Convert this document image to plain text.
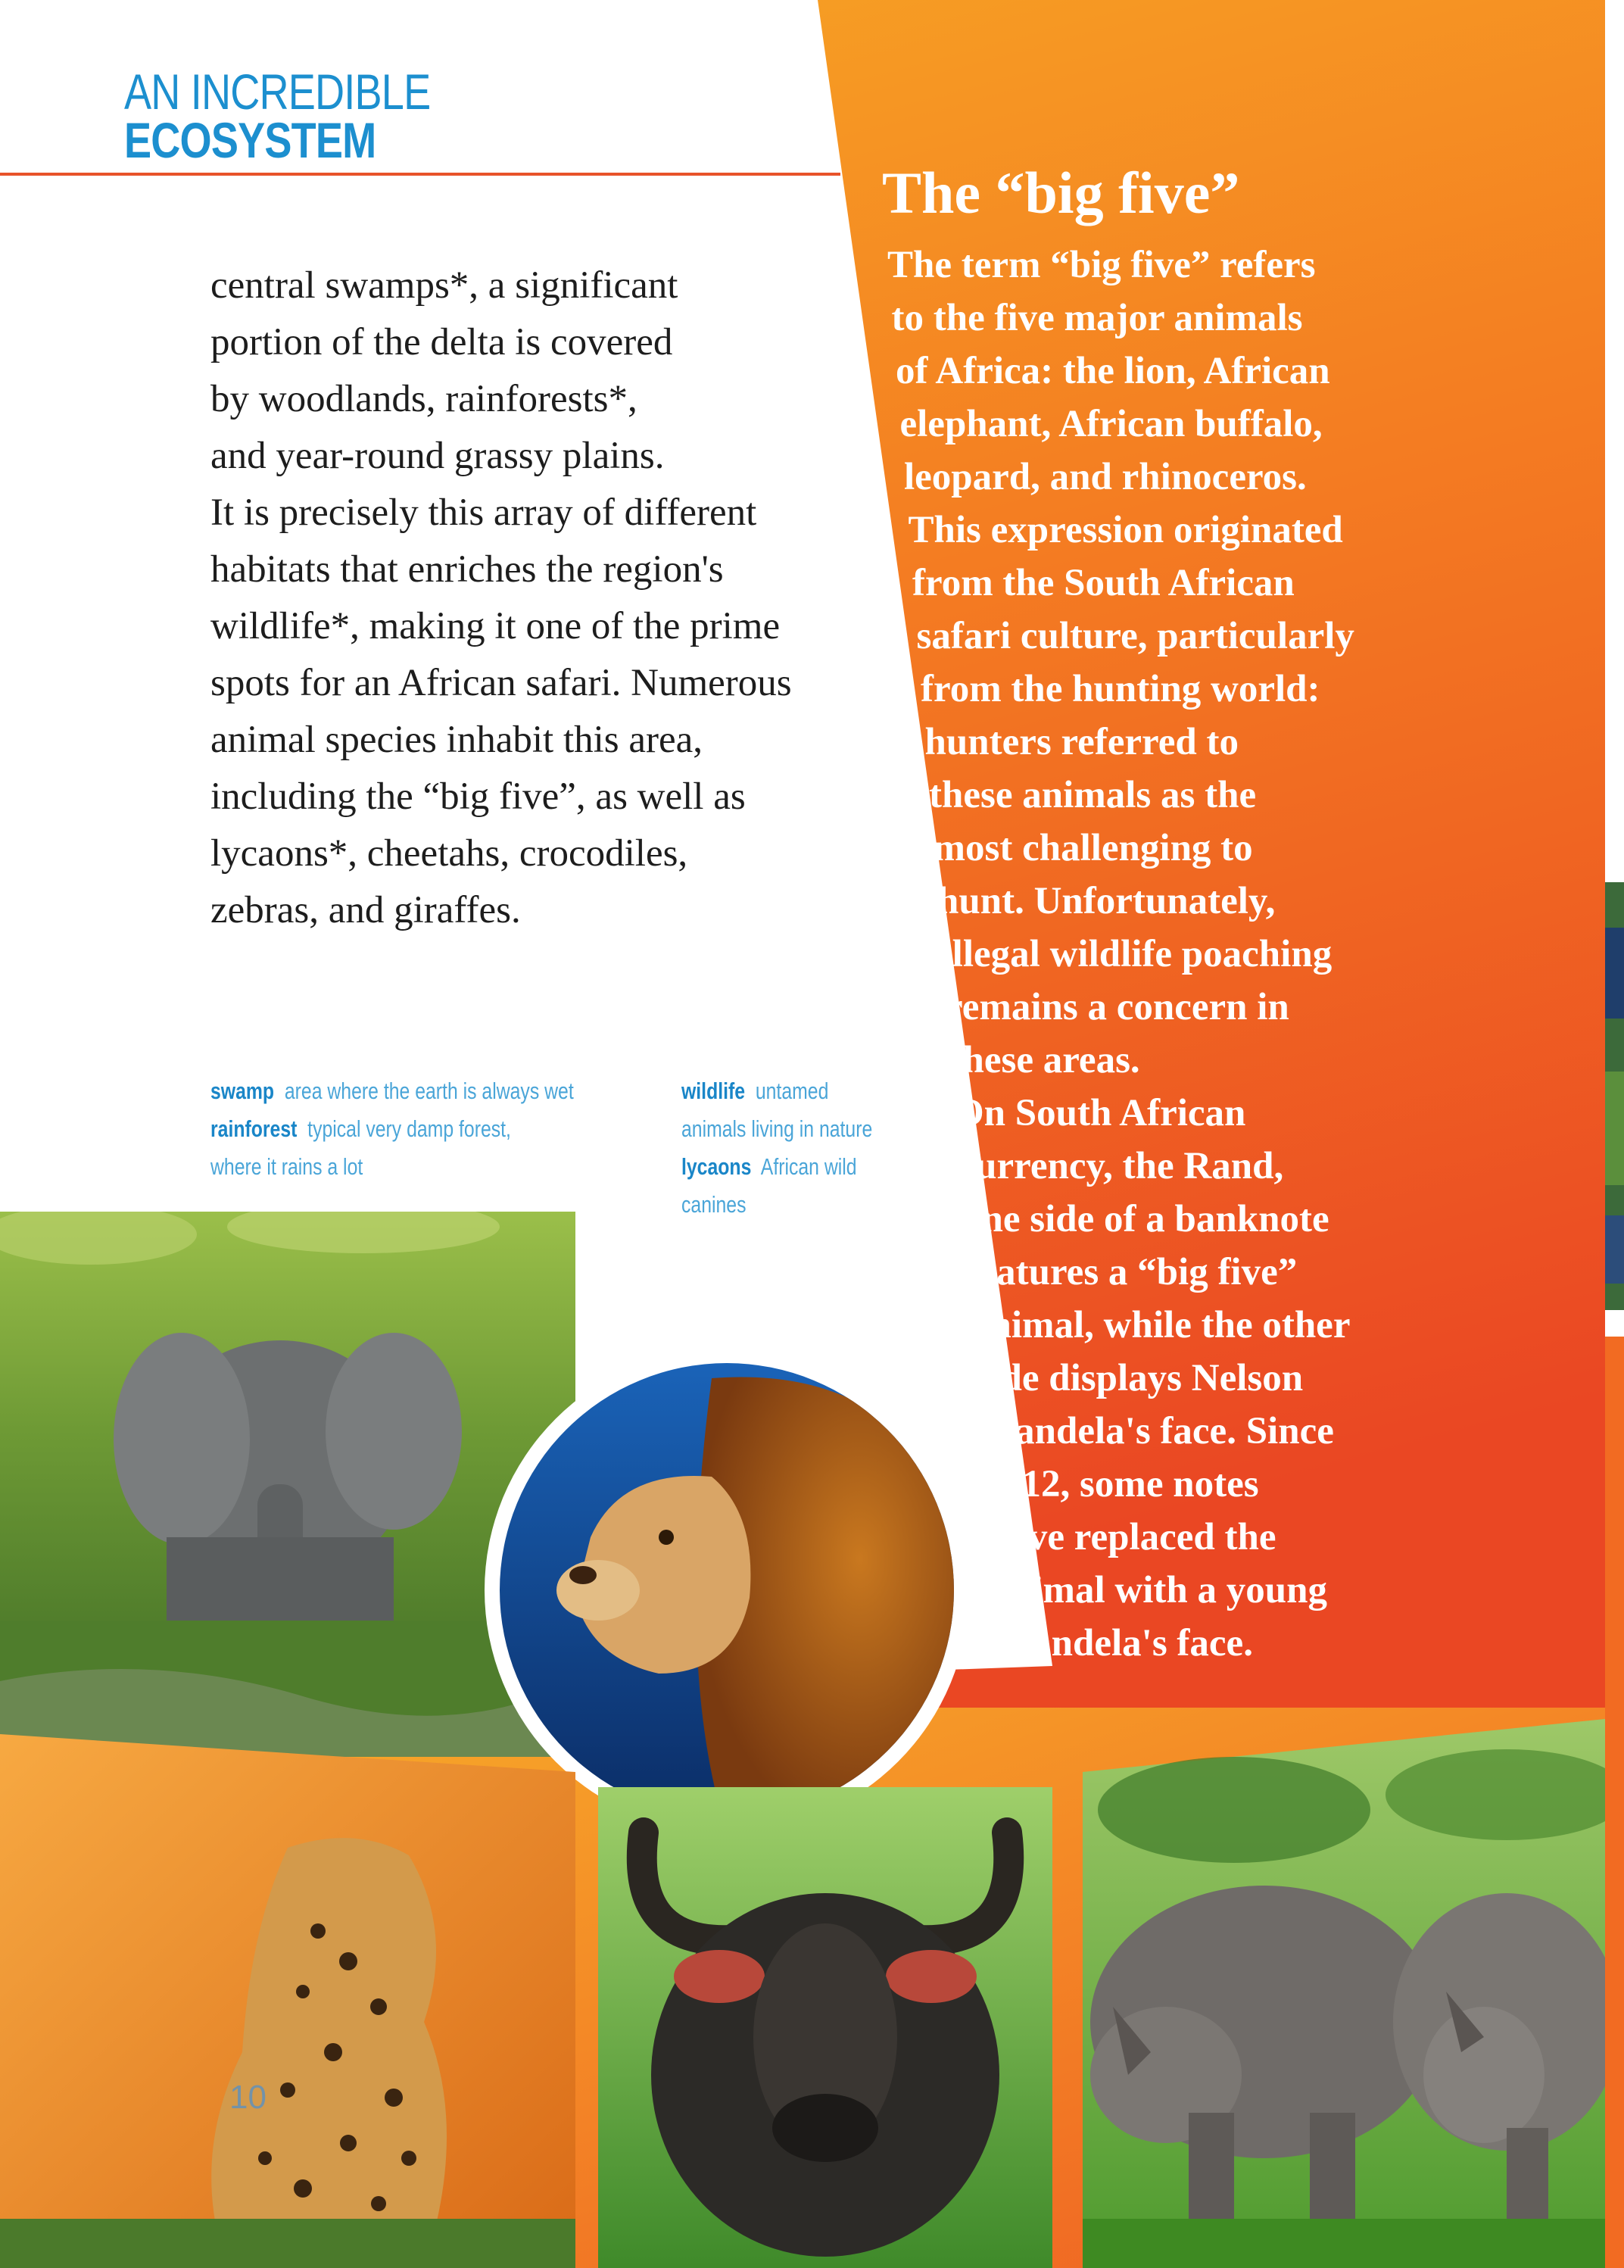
AN INCREDIBLE
ECOSYSTEM
central swamps*, a significant
portion of the delta is covered
by woodlands, rainforests*,
and year-round grassy plains.
It is precisely this array of different
habitats that enriches the region's
wildlife*, making it one of the prime
spots for an African safari. Numerous
animal species inhabit this area,
including the “big five”, as well as
lycaons*, cheetahs, crocodiles,
zebras, and giraffes.
swamp area where the earth is always wet
rainforest typical very damp forest,
where it rains a lot
wildlife untamed
animals living in nature
lycaons African wild
canines
The “big five”
The term “big five” refers
to the five major animals
of Africa: the lion, African
elephant, African buffalo,
leopard, and rhinoceros.
This expression originated
from the South African
safari culture, particularly
from the hunting world:
hunters referred to
these animals as the
most challenging to
hunt. Unfortunately,
illegal wildlife poaching
remains a concern in
these areas.
On South African
currency, the Rand,
one side of a banknote
features a “big five”
animal, while the other
side displays Nelson
Mandela's face. Since
2012, some notes
have replaced the
animal with a young
Mandela's face.
10
